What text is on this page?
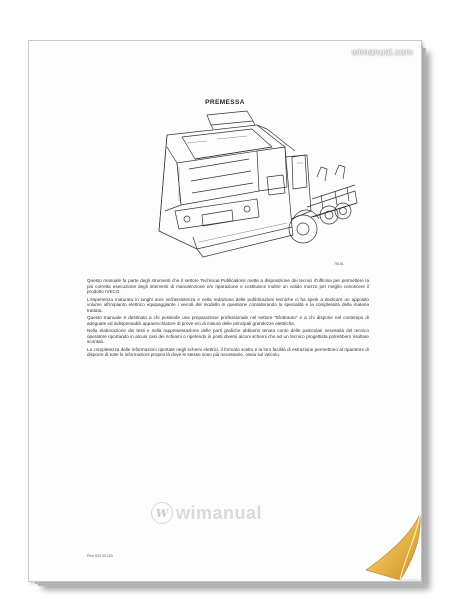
wimanual.com
PREMESSA
75151

Questo manuale fa parte degli strumenti che il settore Technical Publications mette a disposizione dei tecnici d'officina per permettere la più corretta esecuzione degli interventi di manutenzione e/o riparazione e costituisce inoltre un valido mezzo per meglio conoscere il prodotto IVECO.

L'esperienza maturata in lunghi anni nell'assistenza e nella redazione delle pubblicazioni tecniche ci ha spinti a dedicare un apposito volume all'impianto elettrico equipaggiante i veicoli del modello in questione considerando la specialità e la complessità della materia trattata.

Questo manuale è destinato a chi possiede una preparazione professionale nel settore "Elettrauto" e a chi dispone nel contempo di adeguate ed indispensabili apparecchiature di prove e/o di misura delle principali grandezze elettriche.

Nella elaborazione dei testi e nella rappresentazione delle parti grafiche abbiamo tenuto conto delle particolari necessità del tecnico operatore riportando in alcuni casi dei richiami o ripetendo in posti diversi alcuni schemi che ad un tecnico progettista potrebbero risultare scontati.

La completezza delle informazioni riportate negli schemi elettrici, il formato scelto e la loro facilità di estrazione permettono al riparatore di disporre di tutte le informazioni proprio là dove le stesse sono più necessarie, ossia sul veicolo.

W wimanual
Print 603.93.183
